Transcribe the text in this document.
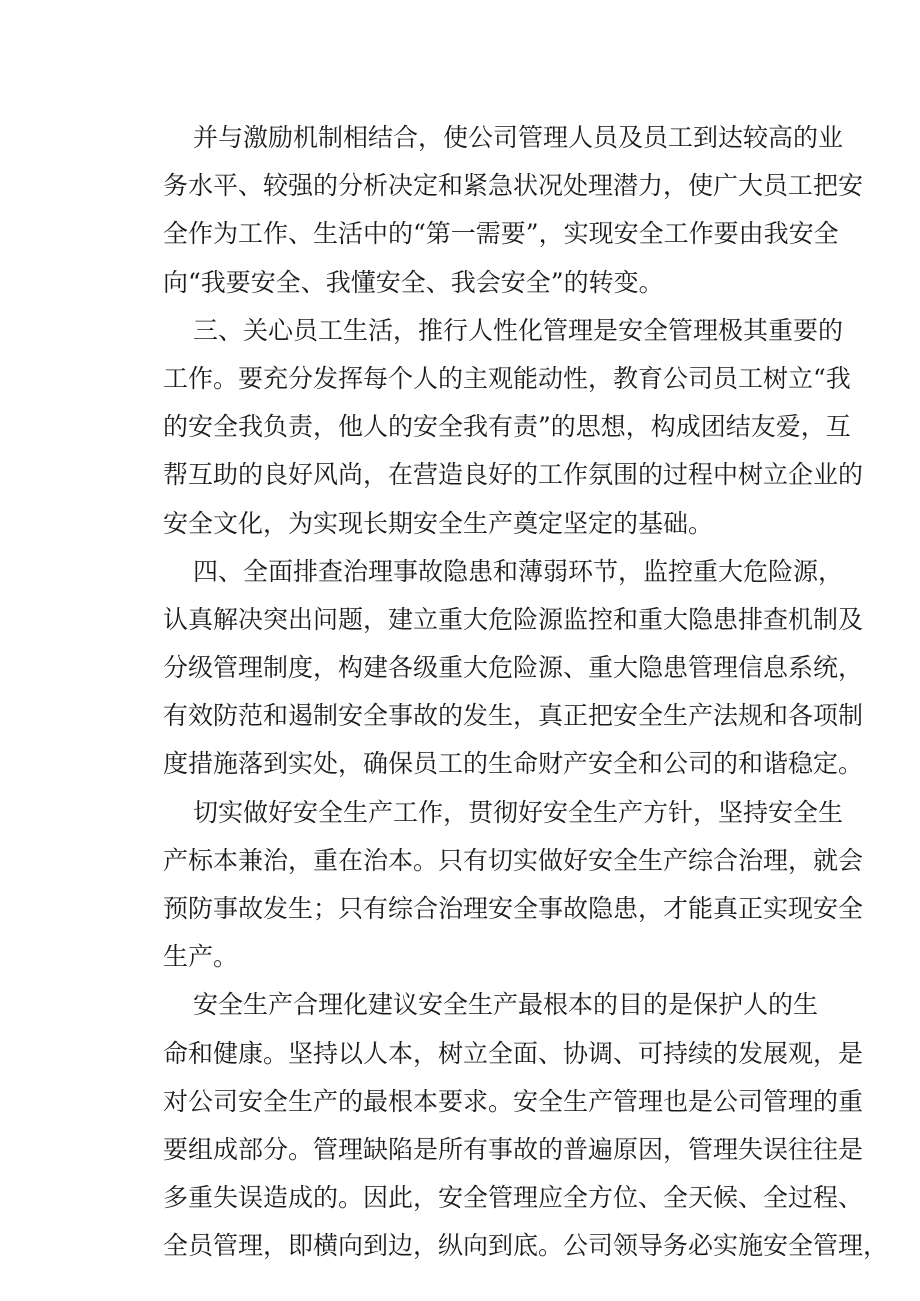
并与激励机制相结合，使公司管理人员及员工到达较高的业
务水平、较强的分析决定和紧急状况处理潜力，使广大员工把安
全作为工作、生活中的“第一需要”，实现安全工作要由我安全
向“我要安全、我懂安全、我会安全”的转变。
三、关心员工生活，推行人性化管理是安全管理极其重要的
工作。要充分发挥每个人的主观能动性，教育公司员工树立“我
的安全我负责，他人的安全我有责”的思想，构成团结友爱，互
帮互助的良好风尚，在营造良好的工作氛围的过程中树立企业的
安全文化，为实现长期安全生产奠定坚定的基础。
四、全面排查治理事故隐患和薄弱环节，监控重大危险源，
认真解决突出问题，建立重大危险源监控和重大隐患排查机制及
分级管理制度，构建各级重大危险源、重大隐患管理信息系统，
有效防范和遏制安全事故的发生，真正把安全生产法规和各项制
度措施落到实处，确保员工的生命财产安全和公司的和谐稳定。
切实做好安全生产工作，贯彻好安全生产方针，坚持安全生
产标本兼治，重在治本。只有切实做好安全生产综合治理，就会
预防事故发生；只有综合治理安全事故隐患，才能真正实现安全
生产。
安全生产合理化建议安全生产最根本的目的是保护人的生
命和健康。坚持以人本，树立全面、协调、可持续的发展观，是
对公司安全生产的最根本要求。安全生产管理也是公司管理的重
要组成部分。管理缺陷是所有事故的普遍原因，管理失误往往是
多重失误造成的。因此，安全管理应全方位、全天候、全过程、
全员管理，即横向到边，纵向到底。公司领导务必实施安全管理，
